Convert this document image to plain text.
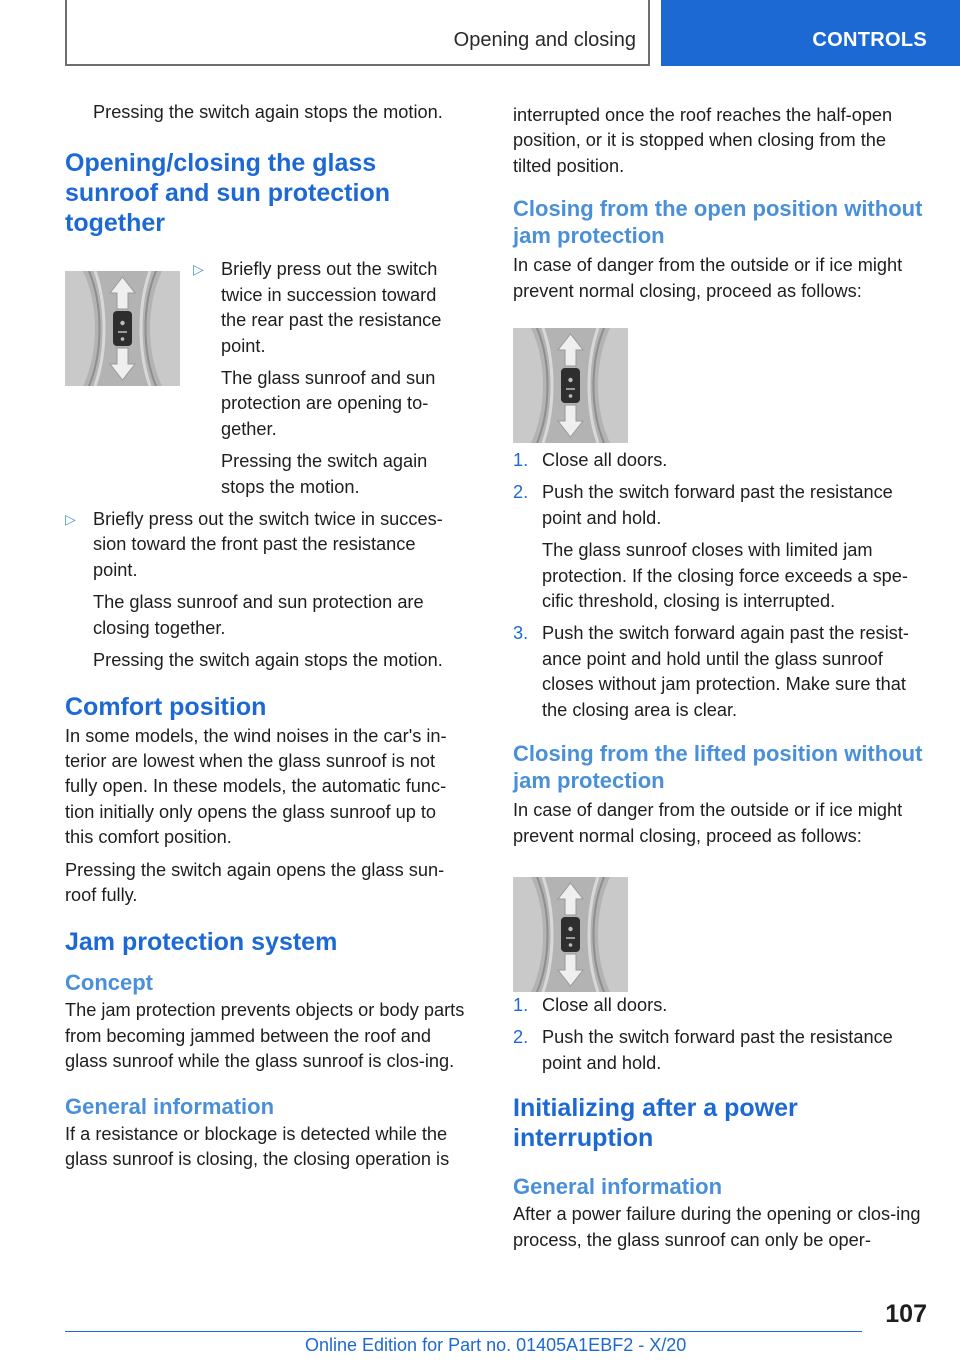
Opening and closing	CONTROLS

Pressing the switch again stops the motion.

Opening/closing the glass sunroof and sun protection together
▷ Briefly press out the switch twice in succession toward the rear past the resistance point.

The glass sunroof and sun protection are opening to-gether.

Pressing the switch again stops the motion.

▷ Briefly press out the switch twice in succes-sion toward the front past the resistance point.

The glass sunroof and sun protection are closing together.

Pressing the switch again stops the motion.

Comfort position

In some models, the wind noises in the car's in-terior are lowest when the glass sunroof is not fully open. In these models, the automatic func-tion initially only opens the glass sunroof up to this comfort position.

Pressing the switch again opens the glass sun-roof fully.

Jam protection system
Concept

The jam protection prevents objects or body parts from becoming jammed between the roof and glass sunroof while the glass sunroof is clos-ing.

General information

If a resistance or blockage is detected while the glass sunroof is closing, the closing operation is

interrupted once the roof reaches the half-open position, or it is stopped when closing from the tilted position.

Closing from the open position without jam protection

In case of danger from the outside or if ice might prevent normal closing, proceed as follows:

1. Close all doors.

2. Push the switch forward past the resistance point and hold.

The glass sunroof closes with limited jam protection. If the closing force exceeds a spe-cific threshold, closing is interrupted.

3. Push the switch forward again past the resist-ance point and hold until the glass sunroof closes without jam protection. Make sure that the closing area is clear.

Closing from the lifted position without jam protection

In case of danger from the outside or if ice might prevent normal closing, proceed as follows:

1. Close all doors.

2. Push the switch forward past the resistance point and hold.

Initializing after a power interruption
General information

After a power failure during the opening or clos-ing process, the glass sunroof can only be oper-

107
Online Edition for Part no. 01405A1EBF2 - X/20
